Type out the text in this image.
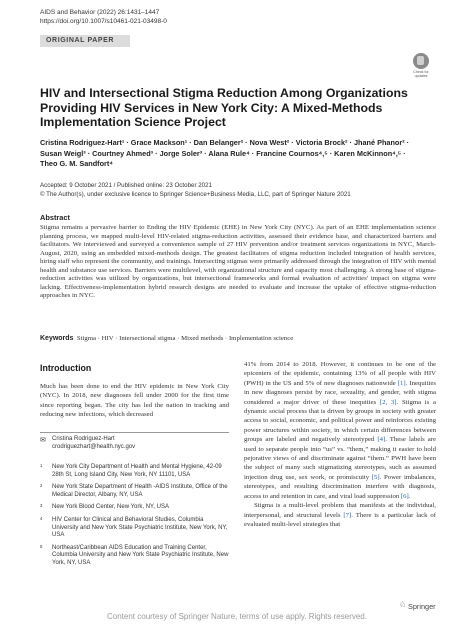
AIDS and Behavior (2022) 26:1431–1447
https://doi.org/10.1007/s10461-021-03498-0
ORIGINAL PAPER
Check for updates
HIV and Intersectional Stigma Reduction Among Organizations Providing HIV Services in New York City: A Mixed-Methods Implementation Science Project
Cristina Rodriguez-Hart¹ · Grace Mackson¹ · Dan Belanger² · Nova West² · Victoria Brock² · Jhané Phanor² ·
Susan Weigl³ · Courtney Ahmed³ · Jorge Soler³ · Alana Rule⁴ · Francine Cournos⁴,⁵ · Karen McKinnon⁴,⁵ ·
Theo G. M. Sandfort⁴
Accepted: 9 October 2021 / Published online: 23 October 2021
© The Author(s), under exclusive licence to Springer Science+Business Media, LLC, part of Springer Nature 2021
Abstract
Stigma remains a pervasive barrier to Ending the HIV Epidemic (EHE) in New York City (NYC). As part of an EHE implementation science planning process, we mapped multi-level HIV-related stigma-reduction activities, assessed their evidence base, and characterized barriers and facilitators. We interviewed and surveyed a convenience sample of 27 HIV prevention and/or treatment services organizations in NYC, March-August, 2020, using an embedded mixed-methods design. The greatest facilitators of stigma reduction included integration of health services, hiring staff who represent the community, and trainings. Intersecting stigmas were primarily addressed through the integration of HIV with mental health and substance use services. Barriers were multilevel, with organizational structure and capacity most challenging. A strong base of stigma-reduction activities was utilized by organizations, but intersectional frameworks and formal evaluation of activities' impact on stigma were lacking. Effectiveness-implementation hybrid research designs are needed to evaluate and increase the uptake of effective stigma-reduction approaches in NYC.
Keywords Stigma · HIV · Intersectional stigma · Mixed methods · Implementation science
Introduction
Much has been done to end the HIV epidemic in New York City (NYC). In 2018, new diagnoses fell under 2000 for the first time since reporting began. The city has led the nation in tracking and reducing new infections, which decreased

41% from 2014 to 2018. However, it continues to be one of the epicenters of the epidemic, containing 13% of all people with HIV (PWH) in the US and 5% of new diagnoses nationwide [1]. Inequities in new diagnoses persist by race, sexuality, and gender, with stigma considered a major driver of these inequities [2, 3]. Stigma is a dynamic social process that is driven by groups in society with greater access to social, economic, and political power and reinforces existing power structures within society, in which certain differences between groups are labeled and negatively stereotyped [4]. These labels are used to separate people into “us” vs. “them,” making it easier to hold pejorative views of and discriminate against “them.” PWH have been the subject of many such stigmatizing stereotypes, such as assumed injection drug use, sex work, or promiscuity [5]. Power imbalances, stereotypes, and resulting discrimination interfere with diagnosis, access to and retention in care, and viral load suppression [6].

Stigma is a multi-level problem that manifests at the individual, interpersonal, and structural levels [7]. There is a particular lack of evaluated multi-level strategies that

✉ Cristina Rodriguez-Hart
crodriguezhart@health.nyc.gov
1 New York City Department of Health and Mental Hygiene, 42-09 28th St, Long Island City, New York, NY 11101, USA
2 New York State Department of Health -AIDS Institute, Office of the Medical Director, Albany, NY, USA
3 New York Blood Center, New York, NY, USA
4 HIV Center for Clinical and Behavioral Studies, Columbia University and New York State Psychiatric Institute, New York, NY, USA
5 Northeast/Caribbean AIDS Education and Training Center, Columbia University and New York State Psychiatric Institute, New York, NY, USA
♘Springer
Content courtesy of Springer Nature, terms of use apply. Rights reserved.
